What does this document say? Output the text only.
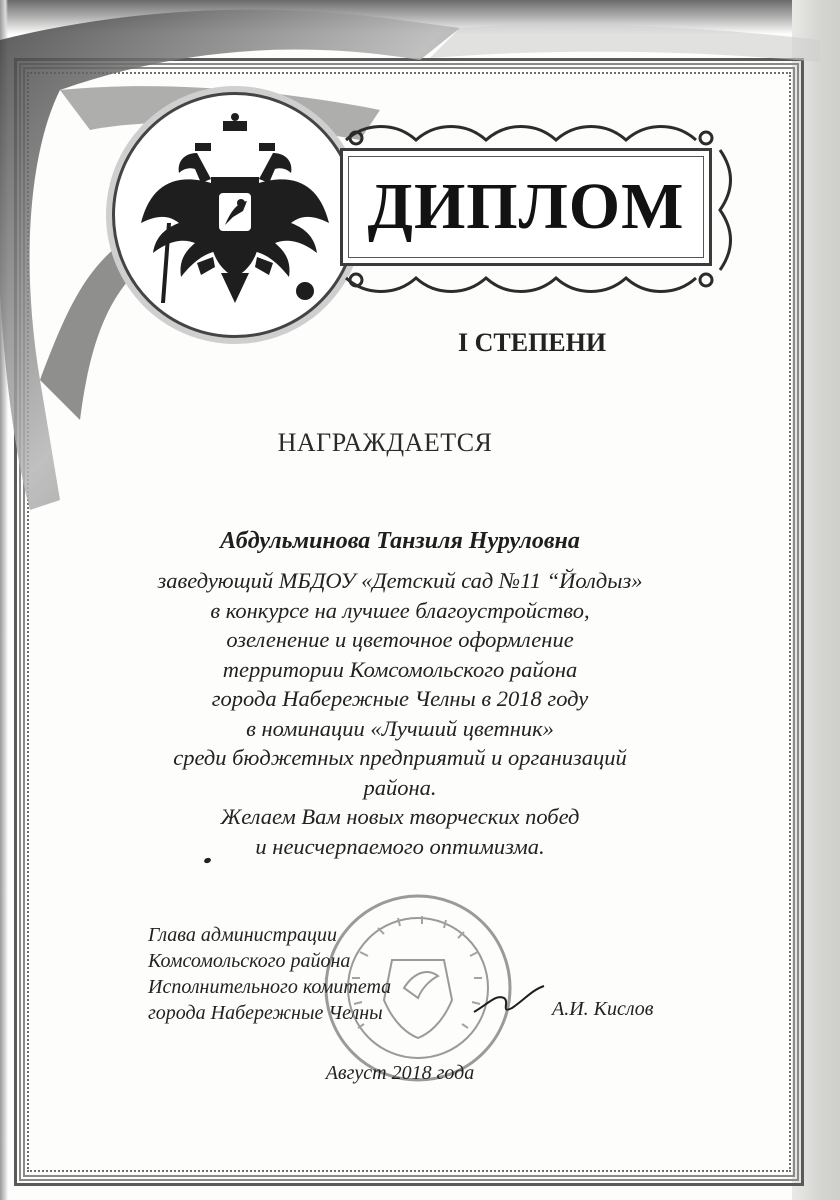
ДИПЛОМ
I СТЕПЕНИ
НАГРАЖДАЕТСЯ
Абдульминова Танзиля Нуруловна
заведующий МБДОУ «Детский сад №11 “Йолдыз»
в конкурсе на лучшее благоустройство,
озеленение и цветочное оформление
территории Комсомольского района
города Набережные Челны в 2018 году
в номинации «Лучший цветник»
среди бюджетных предприятий и организаций
района.
Желаем Вам новых творческих побед
и неисчерпаемого оптимизма.
Глава администрации
Комсомольского района
Исполнительного комитета
города Набережные Челны	А.И. Кислов
Август 2018 года
